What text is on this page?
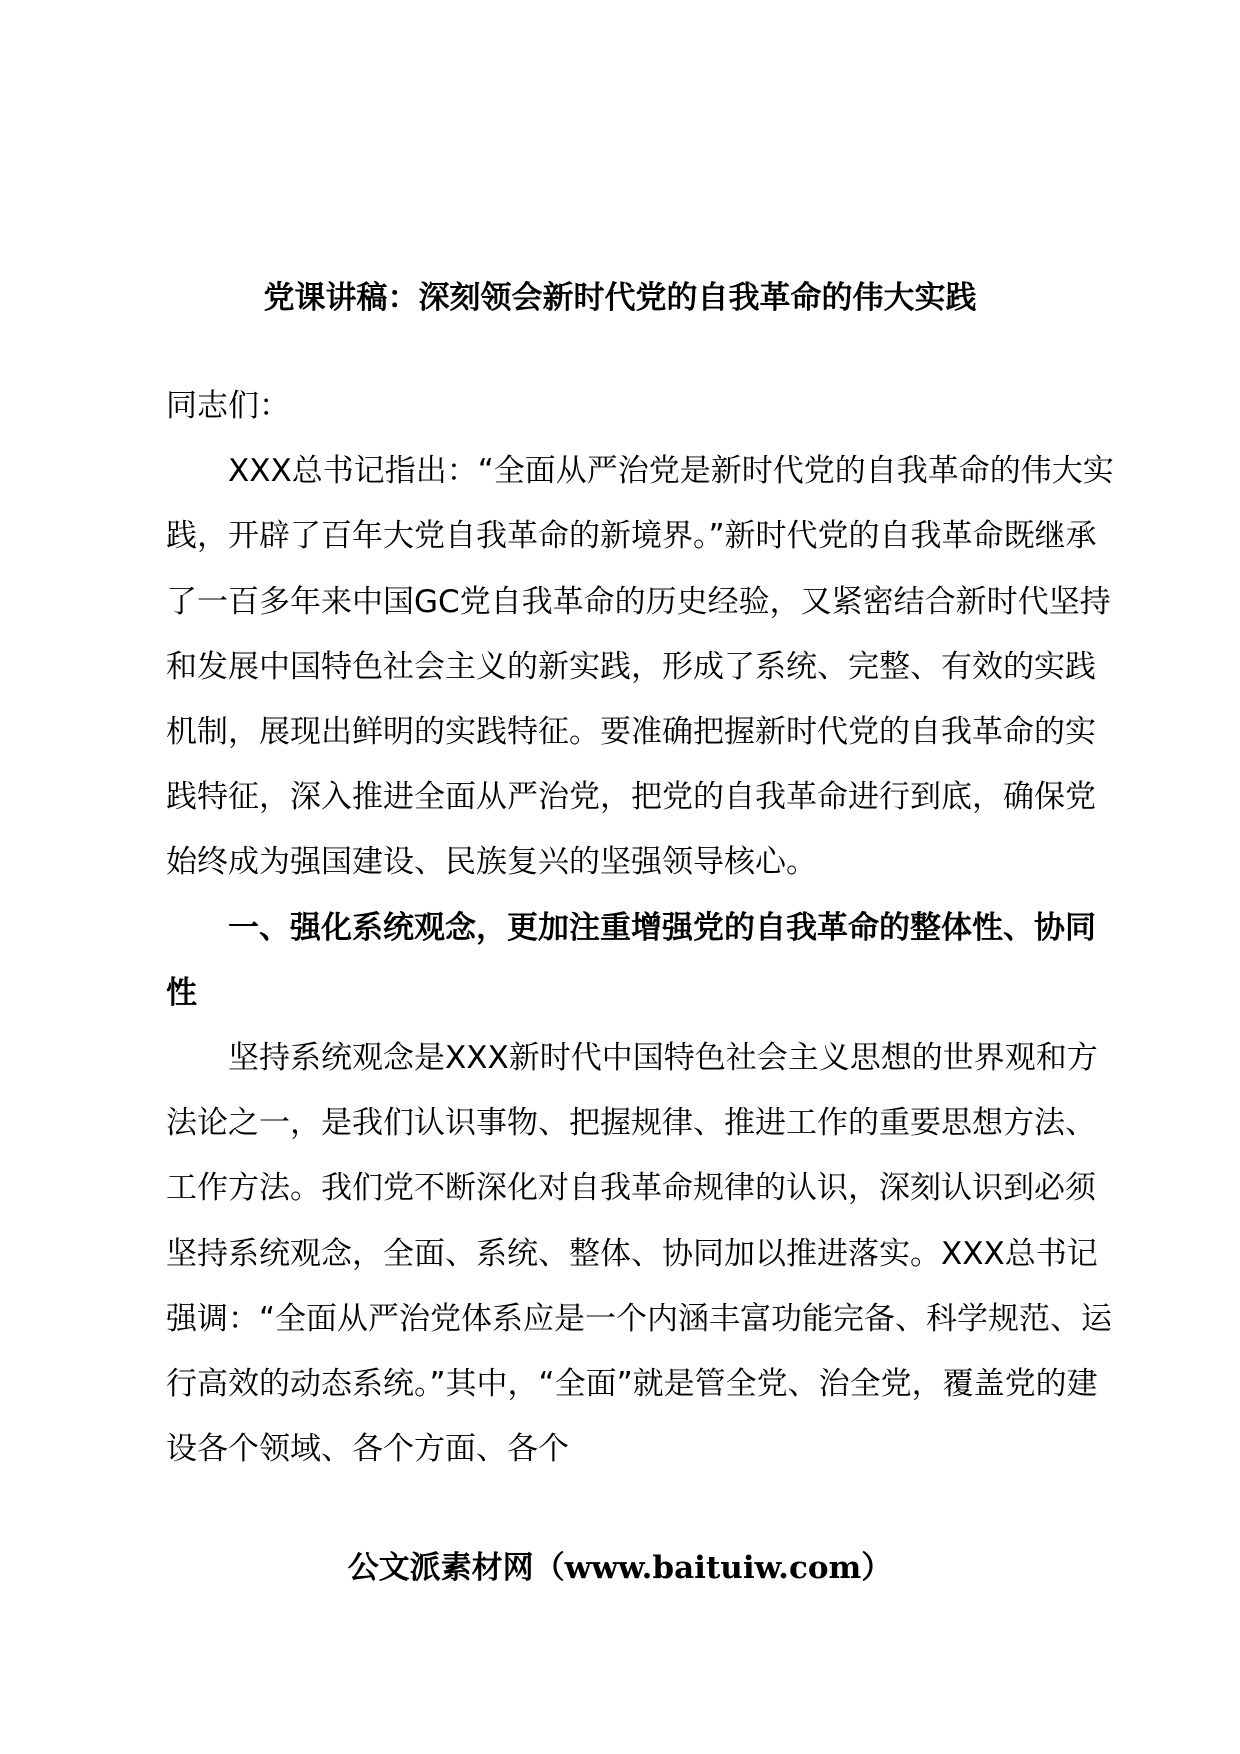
党课讲稿：深刻领会新时代党的自我革命的伟大实践

同志们：

XXX总书记指出：“全面从严治党是新时代党的自我革命的伟大实践，开辟了百年大党自我革命的新境界。”新时代党的自我革命既继承了一百多年来中国GC党自我革命的历史经验，又紧密结合新时代坚持和发展中国特色社会主义的新实践，形成了系统、完整、有效的实践机制，展现出鲜明的实践特征。要准确把握新时代党的自我革命的实践特征，深入推进全面从严治党，把党的自我革命进行到底，确保党始终成为强国建设、民族复兴的坚强领导核心。

一、强化系统观念，更加注重增强党的自我革命的整体性、协同性

坚持系统观念是XXX新时代中国特色社会主义思想的世界观和方法论之一，是我们认识事物、把握规律、推进工作的重要思想方法、工作方法。我们党不断深化对自我革命规律的认识，深刻认识到必须坚持系统观念，全面、系统、整体、协同加以推进落实。XXX总书记强调：“全面从严治党体系应是一个内涵丰富功能完备、科学规范、运行高效的动态系统。”其中，“全面”就是管全党、治全党，覆盖党的建设各个领域、各个方面、各个

公文派素材网（www.baituiw.com）
